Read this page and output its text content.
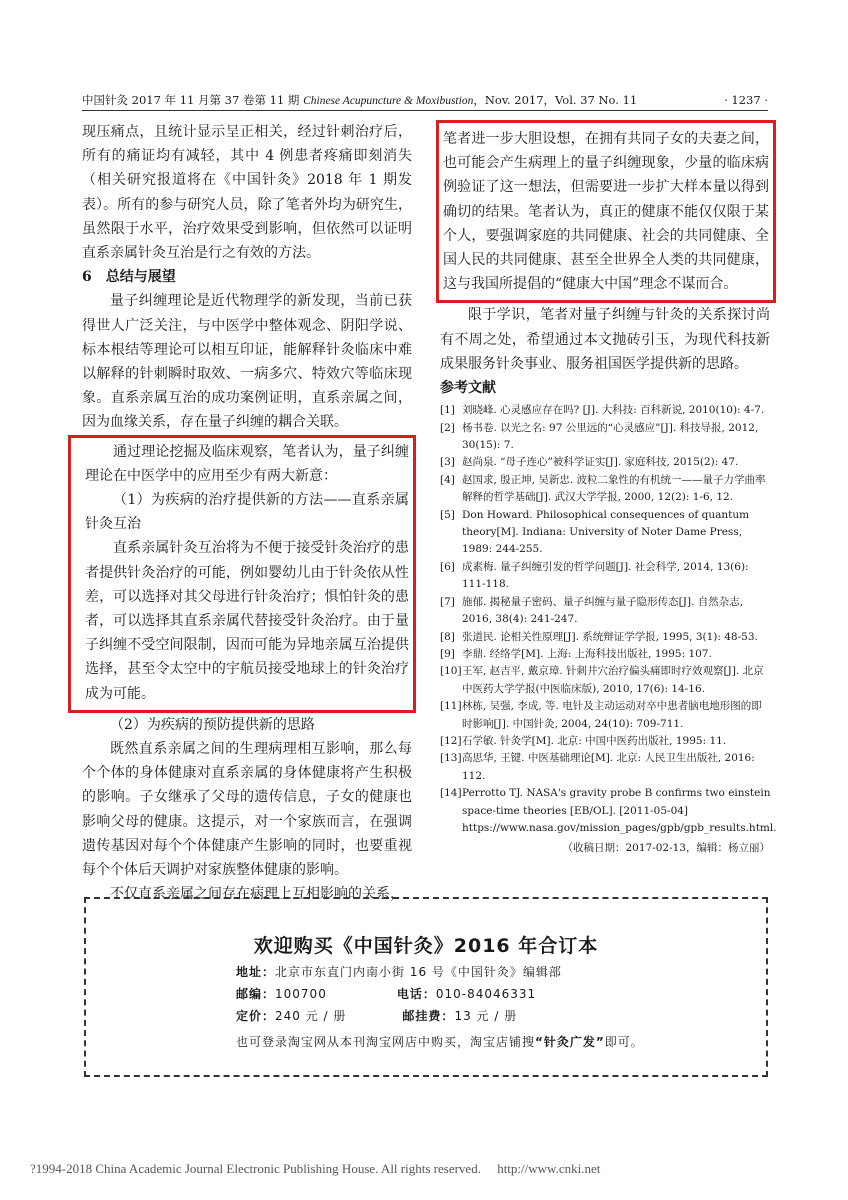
中国针灸 2017 年 11 月第 37 卷第 11 期 Chinese Acupuncture & Moxibustion，Nov. 2017，Vol. 37 No. 11	· 1237 ·

现压痛点，且统计显示呈正相关，经过针刺治疗后，所有的痛证均有减轻，其中 4 例患者疼痛即刻消失（相关研究报道将在《中国针灸》2018 年 1 期发表）。所有的参与研究人员，除了笔者外均为研究生，虽然限于水平，治疗效果受到影响，但依然可以证明直系亲属针灸互治是行之有效的方法。

6　总结与展望

量子纠缠理论是近代物理学的新发现，当前已获得世人广泛关注，与中医学中整体观念、阴阳学说、标本根结等理论可以相互印证，能解释针灸临床中难以解释的针刺瞬时取效、一病多穴、特效穴等临床现象。直系亲属互治的成功案例证明，直系亲属之间，因为血缘关系，存在量子纠缠的耦合关联。

通过理论挖掘及临床观察，笔者认为，量子纠缠理论在中医学中的应用至少有两大新意：

（1）为疾病的治疗提供新的方法——直系亲属针灸互治

直系亲属针灸互治将为不便于接受针灸治疗的患者提供针灸治疗的可能，例如婴幼儿由于针灸依从性差，可以选择对其父母进行针灸治疗；惧怕针灸的患者，可以选择其直系亲属代替接受针灸治疗。由于量子纠缠不受空间限制，因而可能为异地亲属互治提供选择，甚至令太空中的宇航员接受地球上的针灸治疗成为可能。

（2）为疾病的预防提供新的思路

既然直系亲属之间的生理病理相互影响，那么每个个体的身体健康对直系亲属的身体健康将产生积极的影响。子女继承了父母的遗传信息，子女的健康也影响父母的健康。这提示，对一个家族而言，在强调遗传基因对每个个体健康产生影响的同时，也要重视每个个体后天调护对家族整体健康的影响。

不仅直系亲属之间存在病理上互相影响的关系，

笔者进一步大胆设想，在拥有共同子女的夫妻之间，也可能会产生病理上的量子纠缠现象，少量的临床病例验证了这一想法，但需要进一步扩大样本量以得到确切的结果。笔者认为，真正的健康不能仅仅限于某个人，要强调家庭的共同健康、社会的共同健康、全国人民的共同健康、甚至全世界全人类的共同健康，这与我国所提倡的“健康大中国”理念不谋而合。

限于学识，笔者对量子纠缠与针灸的关系探讨尚有不周之处，希望通过本文抛砖引玉，为现代科技新成果服务针灸事业、服务祖国医学提供新的思路。

参考文献

[1] 刘晓峰. 心灵感应存在吗? [J]. 大科技: 百科新说, 2010(10): 4-7.
[2] 杨书卷. 以光之名: 97 公里远的“心灵感应”[J]. 科技导报, 2012, 30(15): 7.
[3] 赵尚泉. “母子连心”被科学证实[J]. 家庭科技, 2015(2): 47.
[4] 赵国求, 殷正坤, 吴新忠. 波粒二象性的有机统一——量子力学曲率解释的哲学基础[J]. 武汉大学学报, 2000, 12(2): 1-6, 12.
[5] Don Howard. Philosophical consequences of quantum theory[M]. Indiana: University of Noter Dame Press, 1989: 244-255.
[6] 成素梅. 量子纠缠引发的哲学问题[J]. 社会科学, 2014, 13(6): 111-118.
[7] 施郁. 揭秘量子密码、量子纠缠与量子隐形传态[J]. 自然杂志, 2016, 38(4): 241-247.
[8] 张道民. 论相关性原理[J]. 系统辩证学学报, 1995, 3(1): 48-53.
[9] 李鼎. 经络学[M]. 上海: 上海科技出版社, 1995: 107.
[10] 王军, 赵吉平, 戴京璋. 针刺井穴治疗偏头痛即时疗效观察[J]. 北京中医药大学学报(中医临床版), 2010, 17(6): 14-16.
[11] 林栋, 吴强, 李成, 等. 电针及主动运动对卒中患者脑电地形图的即时影响[J]. 中国针灸, 2004, 24(10): 709-711.
[12] 石学敏. 针灸学[M]. 北京: 中国中医药出版社, 1995: 11.
[13] 高思华, 王键. 中医基础理论[M]. 北京: 人民卫生出版社, 2016: 112.
[14] Perrotto TJ. NASA's gravity probe B confirms two einstein space-time theories [EB/OL]. [2011-05-04] https://www.nasa.gov/mission_pages/gpb/gpb_results.html.
（收稿日期：2017-02-13，编辑：杨立丽）
欢迎购买《中国针灸》2016 年合订本
地址：北京市东直门内南小街 16 号《中国针灸》编辑部
邮编：100700	电话：010-84046331
定价：240 元 / 册	邮挂费：13 元 / 册
也可登录淘宝网从本刊淘宝网店中购买，淘宝店铺搜“针灸广发”即可。
?1994-2018 China Academic Journal Electronic Publishing House. All rights reserved.　 http://www.cnki.net
